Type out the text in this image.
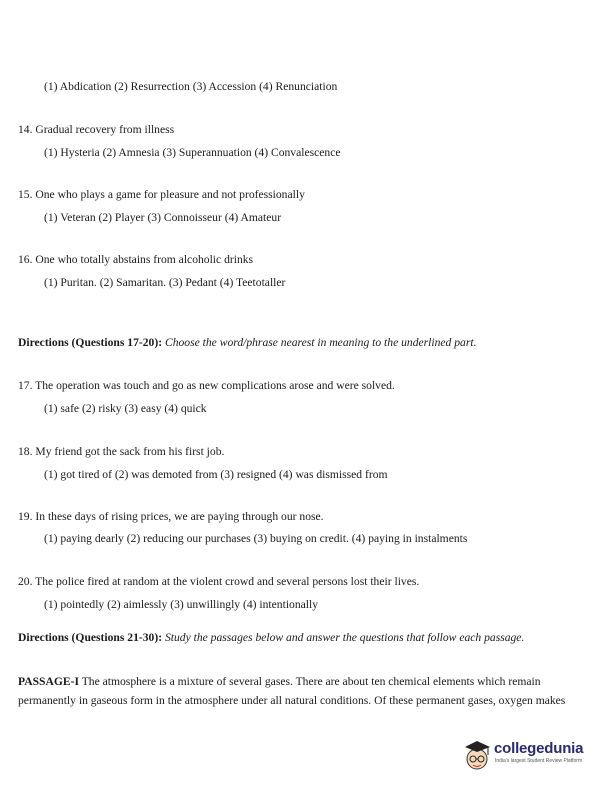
(1) Abdication (2) Resurrection (3) Accession (4) Renunciation
14. Gradual recovery from illness
(1) Hysteria (2) Amnesia (3) Superannuation (4) Convalescence
15. One who plays a game for pleasure and not professionally
(1) Veteran (2) Player (3) Connoisseur (4) Amateur
16. One who totally abstains from alcoholic drinks
(1) Puritan. (2) Samaritan. (3) Pedant (4) Teetotaller
Directions (Questions 17-20): Choose the word/phrase nearest in meaning to the underlined part.
17. The operation was touch and go as new complications arose and were solved.
(1) safe (2) risky (3) easy (4) quick
18. My friend got the sack from his first job.
(1) got tired of (2) was demoted from (3) resigned (4) was dismissed from
19. In these days of rising prices, we are paying through our nose.
(1) paying dearly (2) reducing our purchases (3) buying on credit. (4) paying in instalments
20. The police fired at random at the violent crowd and several persons lost their lives.
(1) pointedly (2) aimlessly (3) unwillingly (4) intentionally
Directions (Questions 21-30): Study the passages below and answer the questions that follow each passage.
PASSAGE-I The atmosphere is a mixture of several gases. There are about ten chemical elements which remain permanently in gaseous form in the atmosphere under all natural conditions. Of these permanent gases, oxygen makes
collegedunia
India's largest Student Review Platform
